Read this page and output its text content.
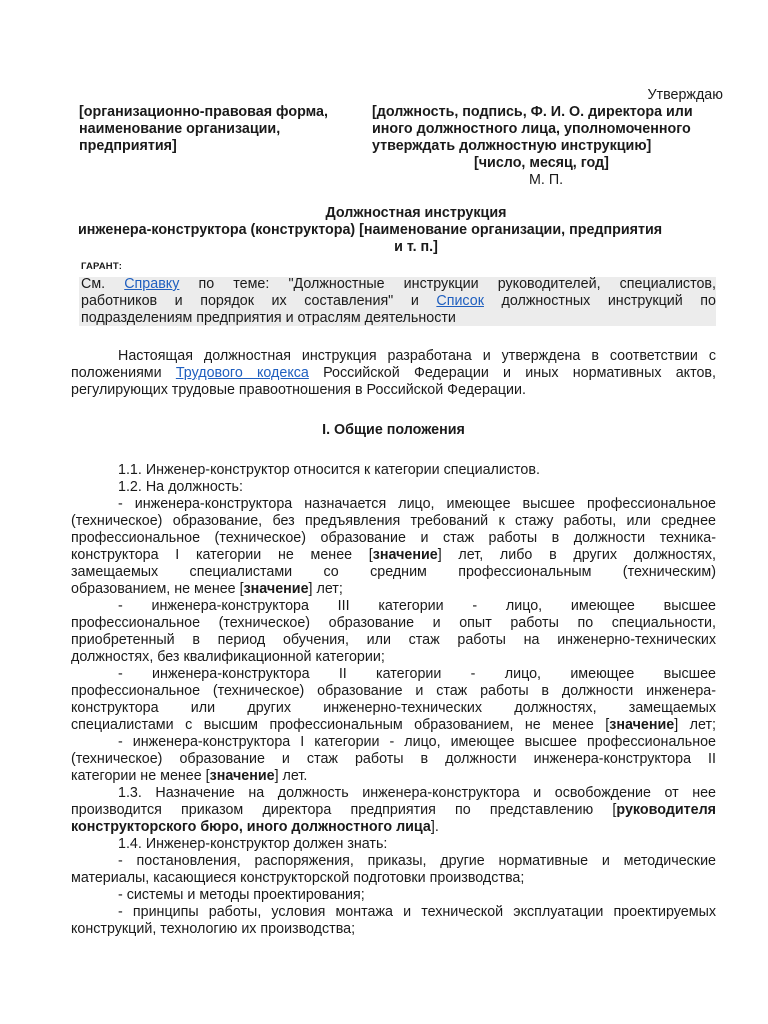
Утверждаю
[организационно-правовая форма,
наименование организации,
предприятия]
[должность, подпись, Ф. И. О. директора или
иного должностного лица, уполномоченного
утверждать должностную инструкцию]
[число, месяц, год]
М. П.
Должностная инструкция
инженера-конструктора (конструктора) [наименование организации, предприятия
и т. п.]
ГАРАНТ:
См. Справку по теме: "Должностные инструкции руководителей, специалистов,
работников и порядок их составления" и Список должностных инструкций по
подразделениям предприятия и отраслям деятельности
Настоящая должностная инструкция разработана и утверждена в соответствии с
положениями Трудового кодекса Российской Федерации и иных нормативных актов,
регулирующих трудовые правоотношения в Российской Федерации.
I. Общие положения
1.1. Инженер-конструктор относится к категории специалистов.
1.2. На должность:
- инженера-конструктора назначается лицо, имеющее высшее профессиональное
(техническое) образование, без предъявления требований к стажу работы, или среднее
профессиональное (техническое) образование и стаж работы в должности техника-
конструктора I категории не менее [значение] лет, либо в других должностях,
замещаемых специалистами со средним профессиональным (техническим)
образованием, не менее [значение] лет;
- инженера-конструктора III категории - лицо, имеющее высшее
профессиональное (техническое) образование и опыт работы по специальности,
приобретенный в период обучения, или стаж работы на инженерно-технических
должностях, без квалификационной категории;
- инженера-конструктора II категории - лицо, имеющее высшее
профессиональное (техническое) образование и стаж работы в должности инженера-
конструктора или других инженерно-технических должностях, замещаемых
специалистами с высшим профессиональным образованием, не менее [значение] лет;
- инженера-конструктора I категории - лицо, имеющее высшее профессиональное
(техническое) образование и стаж работы в должности инженера-конструктора II
категории не менее [значение] лет.
1.3. Назначение на должность инженера-конструктора и освобождение от нее
производится приказом директора предприятия по представлению [руководителя
конструкторского бюро, иного должностного лица].
1.4. Инженер-конструктор должен знать:
- постановления, распоряжения, приказы, другие нормативные и методические
материалы, касающиеся конструкторской подготовки производства;
- системы и методы проектирования;
- принципы работы, условия монтажа и технической эксплуатации проектируемых
конструкций, технологию их производства;
